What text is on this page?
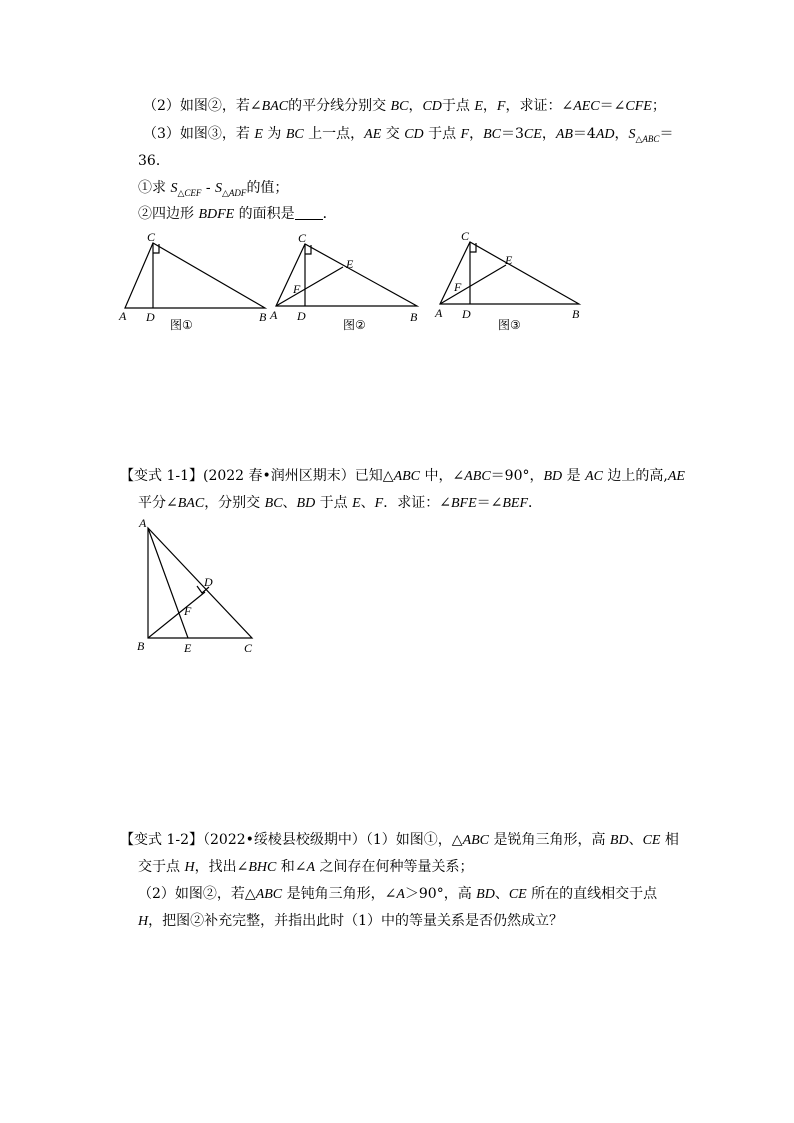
（2）如图②，若∠BAC的平分线分别交 BC，CD于点 E，F，求证：∠AEC＝∠CFE；
（3）如图③，若 E 为 BC 上一点，AE 交 CD 于点 F，BC＝3CE，AB＝4AD，$S_{\triangle ABC}=$
36．
①求 $S_{\triangle CEF} - S_{\triangle ADF}$的值；
②四边形 BDFE 的面积是 ．
C
A D	B
图①
C
E
F
A D	B
图②
C
E
F
A D	B
图③
A
D
F
B	E	C
【变式 1-1】(2022 春•润州区期末）已知△ABC 中，∠ABC＝90°，BD 是 AC 边上的高,AE
平分∠BAC，分别交 BC、BD 于点 E、F．求证：∠BFE＝∠BEF．
【变式 1-2】（2022•绥棱县校级期中）（1）如图①，△ABC 是锐角三角形，高 BD、CE 相
交于点 H，找出∠BHC 和∠A 之间存在何种等量关系；
（2）如图②，若△ABC 是钝角三角形，∠A＞90°，高 BD、CE 所在的直线相交于点
H，把图②补充完整，并指出此时（1）中的等量关系是否仍然成立？
